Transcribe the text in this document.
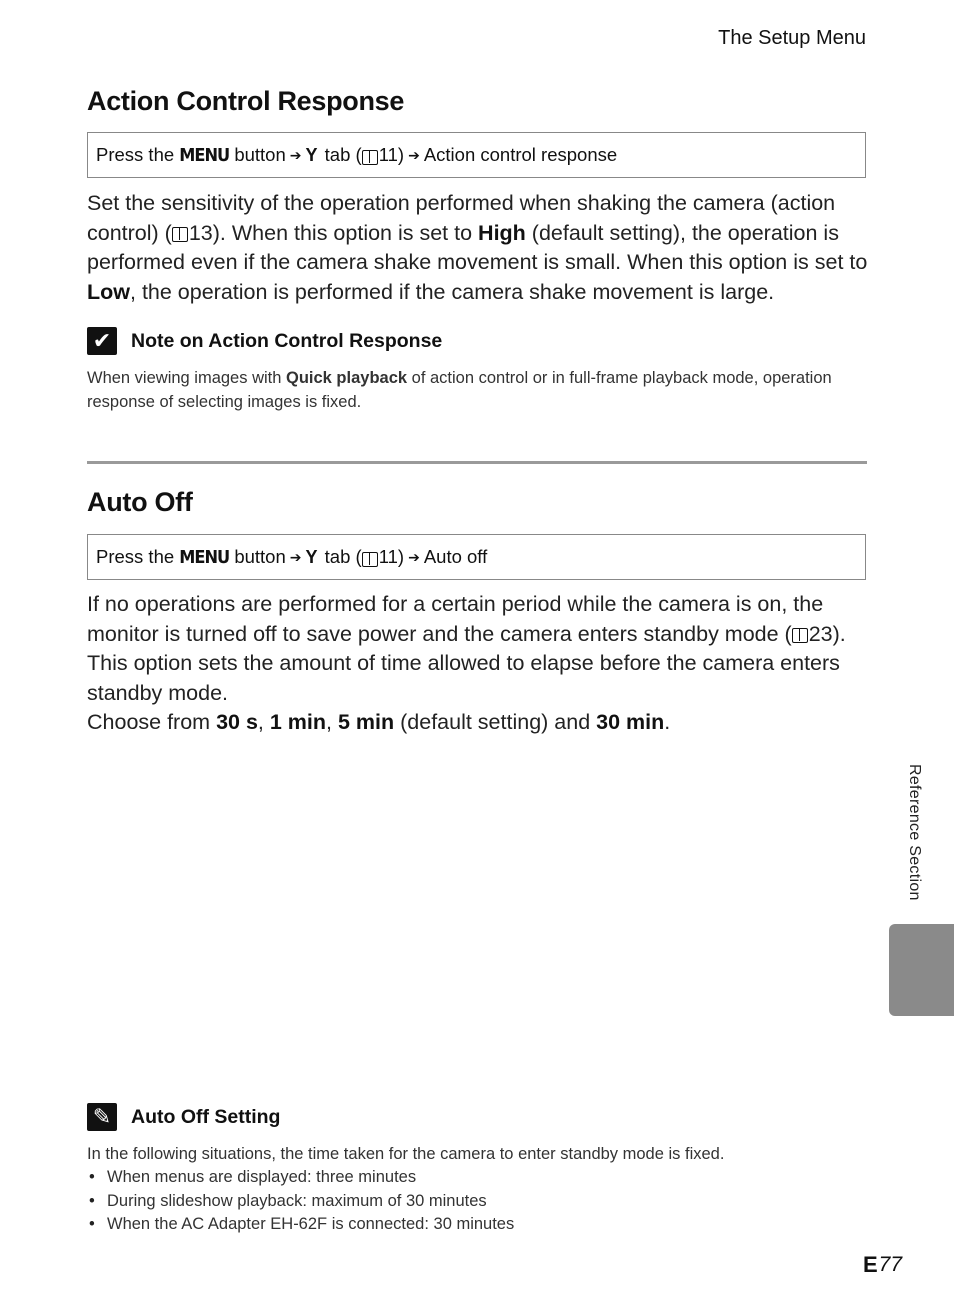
The Setup Menu
Action Control Response
Press the MENU button ➔ Y tab ( 11 ) ➔ Action control response
Set the sensitivity of the operation performed when shaking the camera (action control) ( 13). When this option is set to High (default setting), the operation is performed even if the camera shake movement is small. When this option is set to Low, the operation is performed if the camera shake movement is large.
✔ Note on Action Control Response
When viewing images with Quick playback of action control or in full-frame playback mode, operation response of selecting images is fixed.
Auto Off
Press the MENU button ➔ Y tab ( 11 ) ➔ Auto off
If no operations are performed for a certain period while the camera is on, the monitor is turned off to save power and the camera enters standby mode ( 23). This option sets the amount of time allowed to elapse before the camera enters standby mode.
Choose from 30 s, 1 min, 5 min (default setting) and 30 min.
✎ Auto Off Setting
In the following situations, the time taken for the camera to enter standby mode is fixed.
• When menus are displayed: three minutes
• During slideshow playback: maximum of 30 minutes
• When the AC Adapter EH-62F is connected: 30 minutes
Reference Section
E 77
